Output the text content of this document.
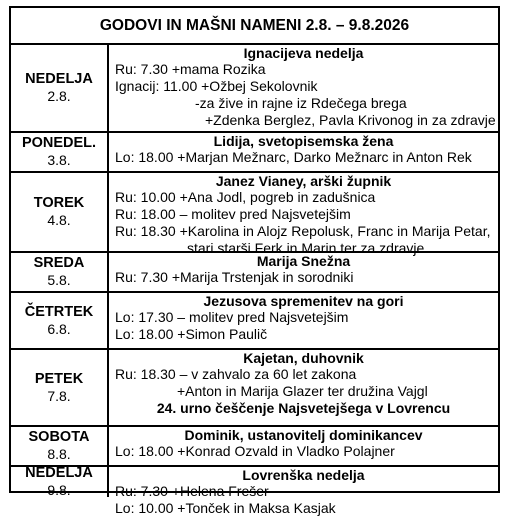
GODOVI IN MAŠNI NAMENI 2.8. – 9.8.2026
NEDELJA
2.8.
Ignacijeva nedelja
Ru: 7.30 +mama Rozika
Ignacij: 11.00 +Ožbej Sekolovnik
-za žive in rajne iz Rdečega brega
+Zdenka Berglez, Pavla Krivonog in za zdravje
PONEDEL.
3.8.
Lidija, svetopisemska žena
Lo: 18.00 +Marjan Mežnarc, Darko Mežnarc in Anton Rek
TOREK
4.8.
Janez Vianey, arški župnik
Ru: 10.00 +Ana Jodl, pogreb in zadušnica
Ru: 18.00 – molitev pred Najsvetejšim
Ru: 18.30 +Karolina in Alojz Repolusk, Franc in Marija Petar,
stari starši Ferk in Marin ter za zdravje
SREDA
5.8.
Marija Snežna
Ru: 7.30 +Marija Trstenjak in sorodniki
ČETRTEK
6.8.
Jezusova spremenitev na gori
Lo: 17.30 – molitev pred Najsvetejšim
Lo: 18.00 +Simon Paulič
PETEK
7.8.
Kajetan, duhovnik
Ru: 18.30 – v zahvalo za 60 let zakona
+Anton in Marija Glazer ter družina Vajgl
24. urno češčenje Najsvetejšega v Lovrencu
SOBOTA
8.8.
Dominik, ustanovitelj dominikancev
Lo: 18.00 +Konrad Ozvald in Vladko Polajner
NEDELJA
9.8.
Lovrenška nedelja
Ru: 7.30 +Helena Frešer
Lo: 10.00 +Tonček in Maksa Kasjak
